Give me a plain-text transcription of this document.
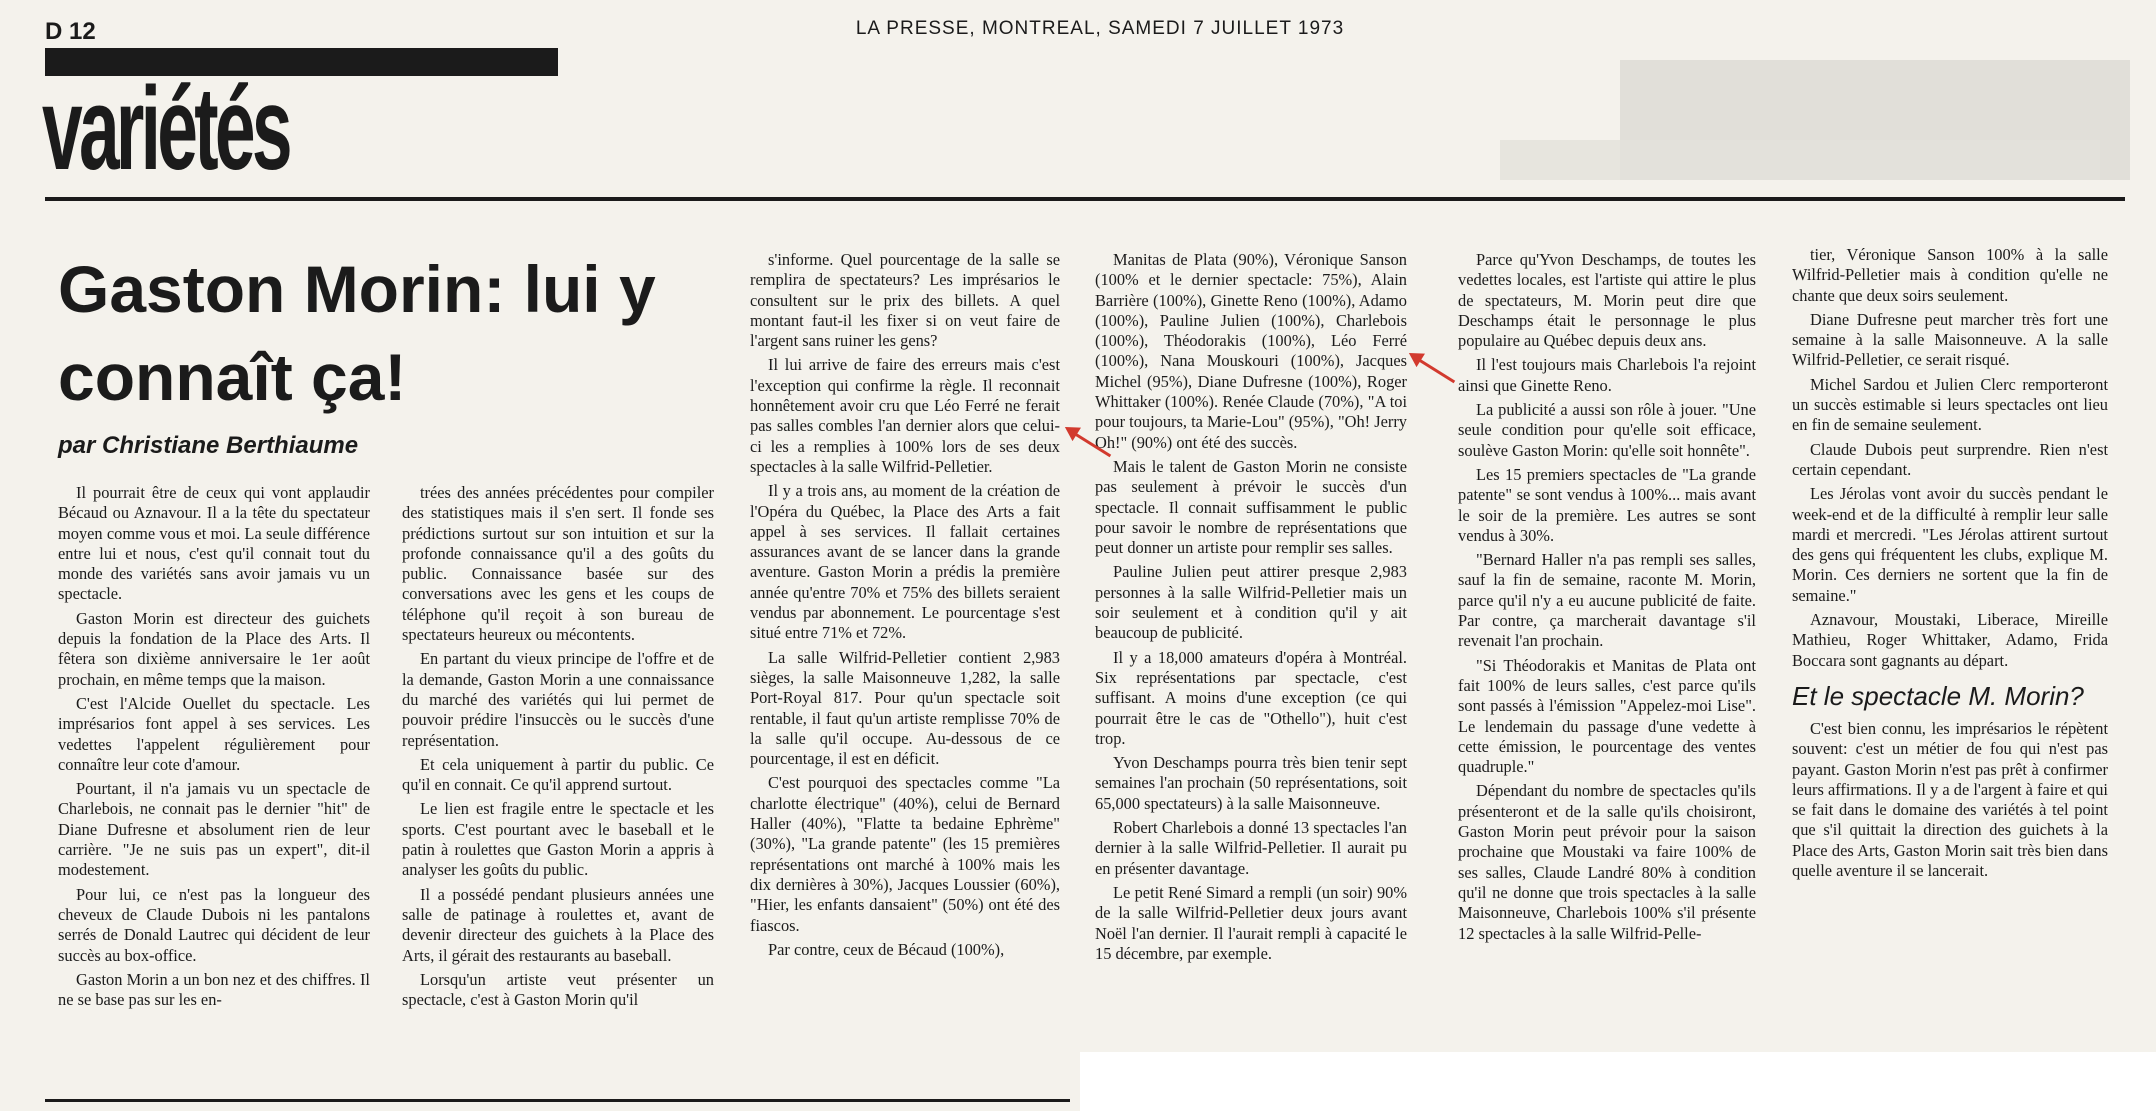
D 12	LA PRESSE, MONTREAL, SAMEDI 7 JUILLET 1973
variétés
Gaston Morin: lui y connaît ça!
par Christiane Berthiaume

Il pourrait être de ceux qui vont applaudir Bécaud ou Aznavour. Il a la tête du spectateur moyen comme vous et moi. La seule différence entre lui et nous, c'est qu'il connait tout du monde des variétés sans avoir jamais vu un spectacle.

Gaston Morin est directeur des guichets depuis la fondation de la Place des Arts. Il fêtera son dixième anniversaire le 1er août prochain, en même temps que la maison.

C'est l'Alcide Ouellet du spectacle. Les imprésarios font appel à ses services. Les vedettes l'appelent régulièrement pour connaître leur cote d'amour.

Pourtant, il n'a jamais vu un spectacle de Charlebois, ne connait pas le dernier "hit" de Diane Dufresne et absolument rien de leur carrière. "Je ne suis pas un expert", dit-il modestement.

Pour lui, ce n'est pas la longueur des cheveux de Claude Dubois ni les pantalons serrés de Donald Lautrec qui décident de leur succès au box-office.

Gaston Morin a un bon nez et des chiffres. Il ne se base pas sur les en-

trées des années précédentes pour compiler des statistiques mais il s'en sert. Il fonde ses prédictions surtout sur son intuition et sur la profonde connaissance qu'il a des goûts du public. Connaissance basée sur des conversations avec les gens et les coups de téléphone qu'il reçoit à son bureau de spectateurs heureux ou mécontents.

En partant du vieux principe de l'offre et de la demande, Gaston Morin a une connaissance du marché des variétés qui lui permet de pouvoir prédire l'insuccès ou le succès d'une représentation.

Et cela uniquement à partir du public. Ce qu'il en connait. Ce qu'il apprend surtout.

Le lien est fragile entre le spectacle et les sports. C'est pourtant avec le baseball et le patin à roulettes que Gaston Morin a appris à analyser les goûts du public.

Il a possédé pendant plusieurs années une salle de patinage à roulettes et, avant de devenir directeur des guichets à la Place des Arts, il gérait des restaurants au baseball.

Lorsqu'un artiste veut présenter un spectacle, c'est à Gaston Morin qu'il

s'informe. Quel pourcentage de la salle se remplira de spectateurs? Les imprésarios le consultent sur le prix des billets. A quel montant faut-il les fixer si on veut faire de l'argent sans ruiner les gens?

Il lui arrive de faire des erreurs mais c'est l'exception qui confirme la règle. Il reconnait honnêtement avoir cru que Léo Ferré ne ferait pas salles combles l'an dernier alors que celui-ci les a remplies à 100% lors de ses deux spectacles à la salle Wilfrid-Pelletier.

Il y a trois ans, au moment de la création de l'Opéra du Québec, la Place des Arts a fait appel à ses services. Il fallait certaines assurances avant de se lancer dans la grande aventure. Gaston Morin a prédis la première année qu'entre 70% et 75% des billets seraient vendus par abonnement. Le pourcentage s'est situé entre 71% et 72%.

La salle Wilfrid-Pelletier contient 2,983 sièges, la salle Maisonneuve 1,282, la salle Port-Royal 817. Pour qu'un spectacle soit rentable, il faut qu'un artiste remplisse 70% de la salle qu'il occupe. Au-dessous de ce pourcentage, il est en déficit.

C'est pourquoi des spectacles comme "La charlotte électrique" (40%), celui de Bernard Haller (40%), "Flatte ta bedaine Ephrème" (30%), "La grande patente" (les 15 premières représentations ont marché à 100% mais les dix dernières à 30%), Jacques Loussier (60%), "Hier, les enfants dansaient" (50%) ont été des fiascos.

Par contre, ceux de Bécaud (100%),

Manitas de Plata (90%), Véronique Sanson (100% et le dernier spectacle: 75%), Alain Barrière (100%), Ginette Reno (100%), Adamo (100%), Pauline Julien (100%), Charlebois (100%), Théodorakis (100%), Léo Ferré (100%), Nana Mouskouri (100%), Jacques Michel (95%), Diane Dufresne (100%), Roger Whittaker (100%). Renée Claude (70%), "A toi pour toujours, ta Marie-Lou" (95%), "Oh! Jerry Oh!" (90%) ont été des succès.

Mais le talent de Gaston Morin ne consiste pas seulement à prévoir le succès d'un spectacle. Il connait suffisamment le public pour savoir le nombre de représentations que peut donner un artiste pour remplir ses salles.

Pauline Julien peut attirer presque 2,983 personnes à la salle Wilfrid-Pelletier mais un soir seulement et à condition qu'il y ait beaucoup de publicité.

Il y a 18,000 amateurs d'opéra à Montréal. Six représentations par spectacle, c'est suffisant. A moins d'une exception (ce qui pourrait être le cas de "Othello"), huit c'est trop.

Yvon Deschamps pourra très bien tenir sept semaines l'an prochain (50 représentations, soit 65,000 spectateurs) à la salle Maisonneuve.

Robert Charlebois a donné 13 spectacles l'an dernier à la salle Wilfrid-Pelletier. Il aurait pu en présenter davantage.

Le petit René Simard a rempli (un soir) 90% de la salle Wilfrid-Pelletier deux jours avant Noël l'an dernier. Il l'aurait rempli à capacité le 15 décembre, par exemple.

Parce qu'Yvon Deschamps, de toutes les vedettes locales, est l'artiste qui attire le plus de spectateurs, M. Morin peut dire que Deschamps était le personnage le plus populaire au Québec depuis deux ans.

Il l'est toujours mais Charlebois l'a rejoint ainsi que Ginette Reno.

La publicité a aussi son rôle à jouer. "Une seule condition pour qu'elle soit efficace, soulève Gaston Morin: qu'elle soit honnête".

Les 15 premiers spectacles de "La grande patente" se sont vendus à 100%... mais avant le soir de la première. Les autres se sont vendus à 30%.

"Bernard Haller n'a pas rempli ses salles, sauf la fin de semaine, raconte M. Morin, parce qu'il n'y a eu aucune publicité de faite. Par contre, ça marcherait davantage s'il revenait l'an prochain.

"Si Théodorakis et Manitas de Plata ont fait 100% de leurs salles, c'est parce qu'ils sont passés à l'émission "Appelez-moi Lise". Le lendemain du passage d'une vedette à cette émission, le pourcentage des ventes quadruple."

Dépendant du nombre de spectacles qu'ils présenteront et de la salle qu'ils choisiront, Gaston Morin peut prévoir pour la saison prochaine que Moustaki va faire 100% de ses salles, Claude Landré 80% à condition qu'il ne donne que trois spectacles à la salle Maisonneuve, Charlebois 100% s'il présente 12 spectacles à la salle Wilfrid-Pelle-

tier, Véronique Sanson 100% à la salle Wilfrid-Pelletier mais à condition qu'elle ne chante que deux soirs seulement.

Diane Dufresne peut marcher très fort une semaine à la salle Maisonneuve. A la salle Wilfrid-Pelletier, ce serait risqué.

Michel Sardou et Julien Clerc remporteront un succès estimable si leurs spectacles ont lieu en fin de semaine seulement.

Claude Dubois peut surprendre. Rien n'est certain cependant.

Les Jérolas vont avoir du succès pendant le week-end et de la difficulté à remplir leur salle mardi et mercredi. "Les Jérolas attirent surtout des gens qui fréquentent les clubs, explique M. Morin. Ces derniers ne sortent que la fin de semaine."

Aznavour, Moustaki, Liberace, Mireille Mathieu, Roger Whittaker, Adamo, Frida Boccara sont gagnants au départ.

Et le spectacle M. Morin?

C'est bien connu, les imprésarios le répètent souvent: c'est un métier de fou qui n'est pas payant. Gaston Morin n'est pas prêt à confirmer leurs affirmations. Il y a de l'argent à faire et qui se fait dans le domaine des variétés à tel point que s'il quittait la direction des guichets à la Place des Arts, Gaston Morin sait très bien dans quelle aventure il se lancerait.
